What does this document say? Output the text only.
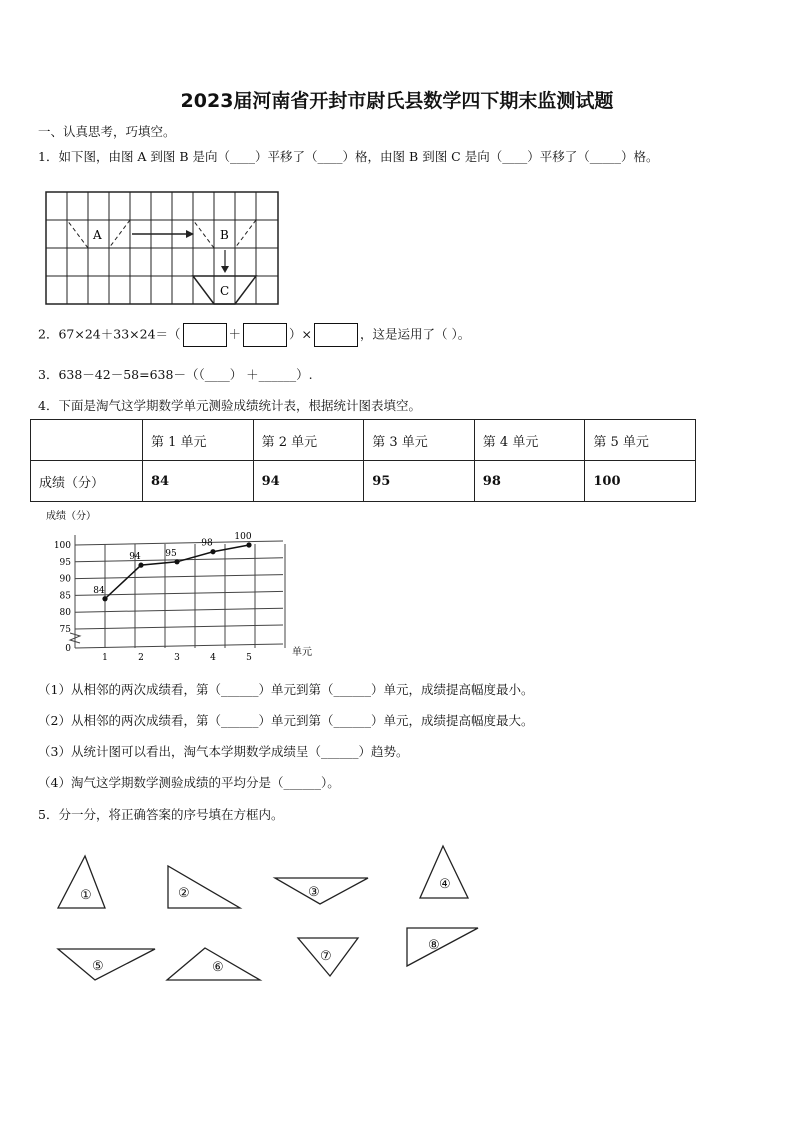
2023届河南省开封市尉氏县数学四下期末监测试题
一、认真思考，巧填空。
1．如下图，由图 A 到图 B 是向（____）平移了（____）格，由图 B 到图 C 是向（____）平移了（_____）格。
A	B
C
2．67×24＋33×24＝（	＋	）×	，这是运用了（ ）。
3．638－42－58=638－（（____） ＋______）.
4．下面是淘气这学期数学单元测验成绩统计表，根据统计图表填空。
	第 1 单元	第 2 单元	第 3 单元	第 4 单元	第 5 单元
成绩（分）	84	94	95	98	100
成绩（分）
单元
0
75
80
85
90
95
100
1	2	3	4	5
84
94	95
98
100
（1）从相邻的两次成绩看，第（______）单元到第（______）单元，成绩提高幅度最小。
（2）从相邻的两次成绩看，第（______）单元到第（______）单元，成绩提高幅度最大。
（3）从统计图可以看出，淘气本学期数学成绩呈（______）趋势。
（4）淘气这学期数学测验成绩的平均分是（______）。
5．分一分，将正确答案的序号填在方框内。
①	②	③
④
⑤	⑥
⑦
⑧
